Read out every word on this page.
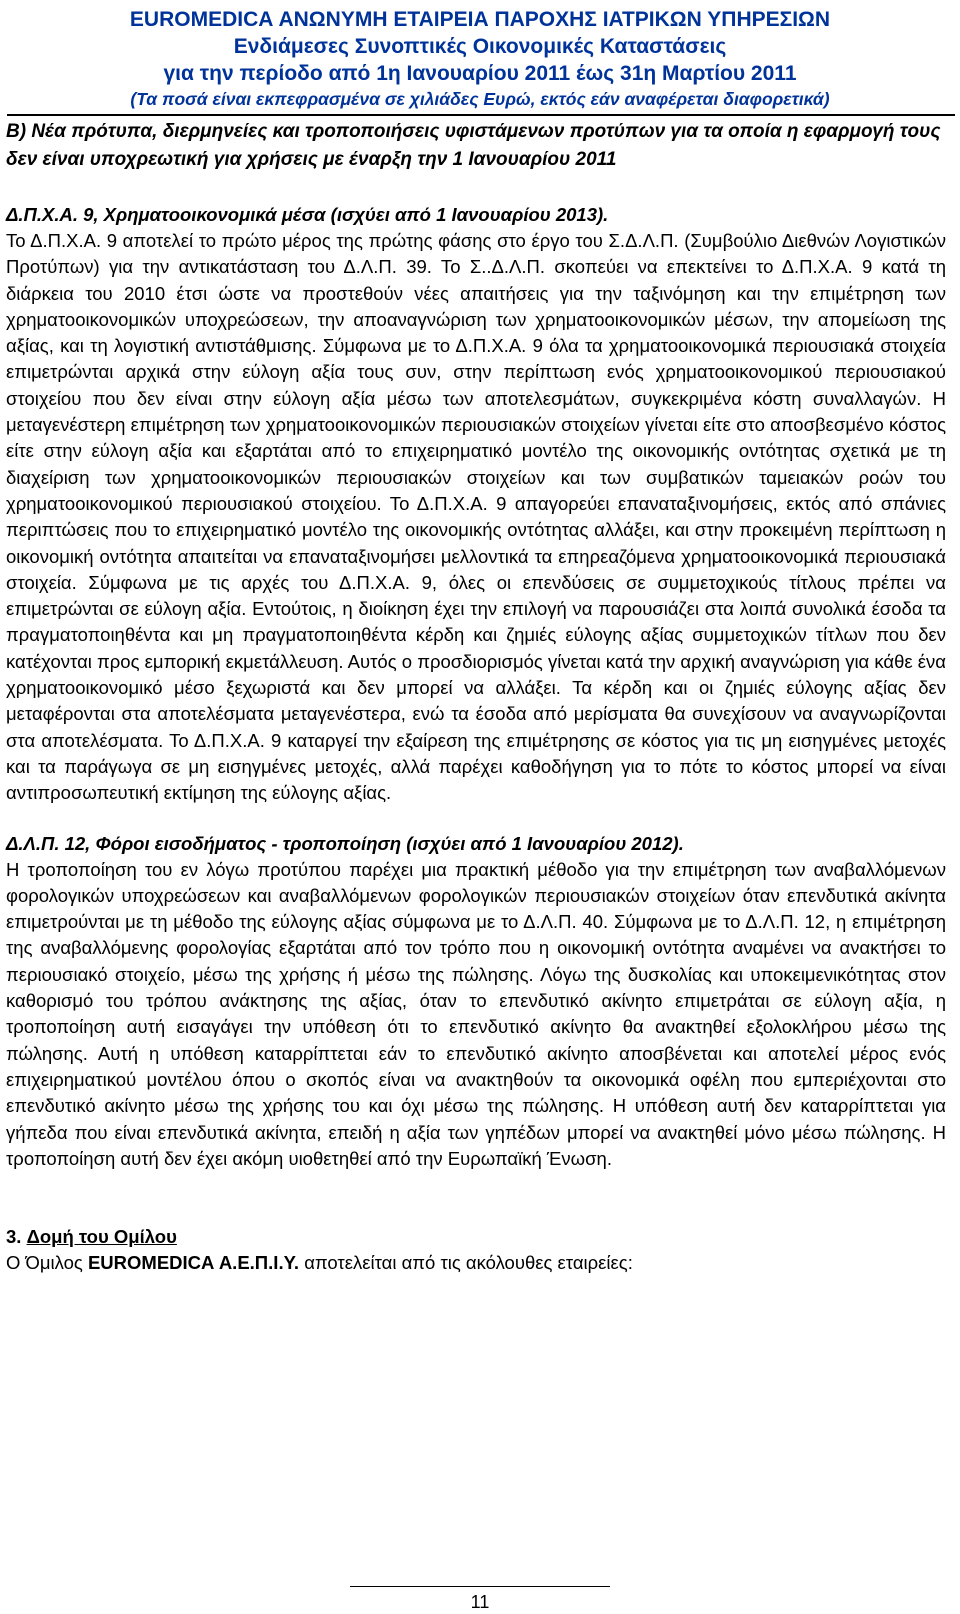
EUROMEDICA ΑΝΩΝΥΜΗ ΕΤΑΙΡΕΙΑ ΠΑΡΟΧΗΣ ΙΑΤΡΙΚΩΝ ΥΠΗΡΕΣΙΩΝ
Ενδιάμεσες Συνοπτικές Οικονομικές Καταστάσεις
για την περίοδο από 1η Ιανουαρίου 2011 έως 31η Μαρτίου 2011
(Τα ποσά είναι εκπεφρασμένα σε χιλιάδες Ευρώ, εκτός εάν αναφέρεται διαφορετικά)
Β) Νέα πρότυπα, διερμηνείες και τροποποιήσεις υφιστάμενων προτύπων για τα οποία η εφαρμογή τους δεν είναι υποχρεωτική για χρήσεις με έναρξη την 1 Ιανουαρίου 2011
Δ.Π.Χ.Α. 9, Χρηματοοικονομικά μέσα (ισχύει από 1 Ιανουαρίου 2013).

Το Δ.Π.Χ.Α. 9 αποτελεί το πρώτο μέρος της πρώτης φάσης στο έργο του Σ.Δ.Λ.Π. (Συμβούλιο Διεθνών Λογιστικών Προτύπων) για την αντικατάσταση του Δ.Λ.Π. 39. Το Σ..Δ.Λ.Π. σκοπεύει να επεκτείνει το Δ.Π.Χ.Α. 9 κατά τη διάρκεια του 2010 έτσι ώστε να προστεθούν νέες απαιτήσεις για την ταξινόμηση και την επιμέτρηση των χρηματοοικονομικών υποχρεώσεων, την αποαναγνώριση των χρηματοοικονομικών μέσων, την απομείωση της αξίας, και τη λογιστική αντιστάθμισης. Σύμφωνα με το Δ.Π.Χ.Α. 9 όλα τα χρηματοοικονομικά περιουσιακά στοιχεία επιμετρώνται αρχικά στην εύλογη αξία τους συν, στην περίπτωση ενός χρηματοοικονομικού περιουσιακού στοιχείου που δεν είναι στην εύλογη αξία μέσω των αποτελεσμάτων, συγκεκριμένα κόστη συναλλαγών. Η μεταγενέστερη επιμέτρηση των χρηματοοικονομικών περιουσιακών στοιχείων γίνεται είτε στο αποσβεσμένο κόστος είτε στην εύλογη αξία και εξαρτάται από το επιχειρηματικό μοντέλο της οικονομικής οντότητας σχετικά με τη διαχείριση των χρηματοοικονομικών περιουσιακών στοιχείων και των συμβατικών ταμειακών ροών του χρηματοοικονομικού περιουσιακού στοιχείου. Το Δ.Π.Χ.Α. 9 απαγορεύει επαναταξινομήσεις, εκτός από σπάνιες περιπτώσεις που το επιχειρηματικό μοντέλο της οικονομικής οντότητας αλλάξει, και στην προκειμένη περίπτωση η οικονομική οντότητα απαιτείται να επαναταξινομήσει μελλοντικά τα επηρεαζόμενα χρηματοοικονομικά περιουσιακά στοιχεία. Σύμφωνα με τις αρχές του Δ.Π.Χ.Α. 9, όλες οι επενδύσεις σε συμμετοχικούς τίτλους πρέπει να επιμετρώνται σε εύλογη αξία. Εντούτοις, η διοίκηση έχει την επιλογή να παρουσιάζει στα λοιπά συνολικά έσοδα τα πραγματοποιηθέντα και μη πραγματοποιηθέντα κέρδη και ζημιές εύλογης αξίας συμμετοχικών τίτλων που δεν κατέχονται προς εμπορική εκμετάλλευση. Αυτός ο προσδιορισμός γίνεται κατά την αρχική αναγνώριση για κάθε ένα χρηματοοικονομικό μέσο ξεχωριστά και δεν μπορεί να αλλάξει. Τα κέρδη και οι ζημιές εύλογης αξίας δεν μεταφέρονται στα αποτελέσματα μεταγενέστερα, ενώ τα έσοδα από μερίσματα θα συνεχίσουν να αναγνωρίζονται στα αποτελέσματα. Το Δ.Π.Χ.Α. 9 καταργεί την εξαίρεση της επιμέτρησης σε κόστος για τις μη εισηγμένες μετοχές και τα παράγωγα σε μη εισηγμένες μετοχές, αλλά παρέχει καθοδήγηση για το πότε το κόστος μπορεί να είναι αντιπροσωπευτική εκτίμηση της εύλογης αξίας.

Δ.Λ.Π. 12, Φόροι εισοδήματος - τροποποίηση (ισχύει από 1 Ιανουαρίου 2012).

Η τροποποίηση του εν λόγω προτύπου παρέχει μια πρακτική μέθοδο για την επιμέτρηση των αναβαλλόμενων φορολογικών υποχρεώσεων και αναβαλλόμενων φορολογικών περιουσιακών στοιχείων όταν επενδυτικά ακίνητα επιμετρούνται με τη μέθοδο της εύλογης αξίας σύμφωνα με το Δ.Λ.Π. 40. Σύμφωνα με το Δ.Λ.Π. 12, η επιμέτρηση της αναβαλλόμενης φορολογίας εξαρτάται από τον τρόπο που η οικονομική οντότητα αναμένει να ανακτήσει το περιουσιακό στοιχείο, μέσω της χρήσης ή μέσω της πώλησης. Λόγω της δυσκολίας και υποκειμενικότητας στον καθορισμό του τρόπου ανάκτησης της αξίας, όταν το επενδυτικό ακίνητο επιμετράται σε εύλογη αξία, η τροποποίηση αυτή εισαγάγει την υπόθεση ότι το επενδυτικό ακίνητο θα ανακτηθεί εξολοκλήρου μέσω της πώλησης. Αυτή η υπόθεση καταρρίπτεται εάν το επενδυτικό ακίνητο αποσβένεται και αποτελεί μέρος ενός επιχειρηματικού μοντέλου όπου ο σκοπός είναι να ανακτηθούν τα οικονομικά οφέλη που εμπεριέχονται στο επενδυτικό ακίνητο μέσω της χρήσης του και όχι μέσω της πώλησης. Η υπόθεση αυτή δεν καταρρίπτεται για γήπεδα που είναι επενδυτικά ακίνητα, επειδή η αξία των γηπέδων μπορεί να ανακτηθεί μόνο μέσω πώλησης. Η τροποποίηση αυτή δεν έχει ακόμη υιοθετηθεί από την Ευρωπαϊκή Ένωση.

3. Δομή του Ομίλου
Ο Όμιλος EUROMEDICA Α.Ε.Π.Ι.Υ. αποτελείται από τις ακόλουθες εταιρείες:
11
